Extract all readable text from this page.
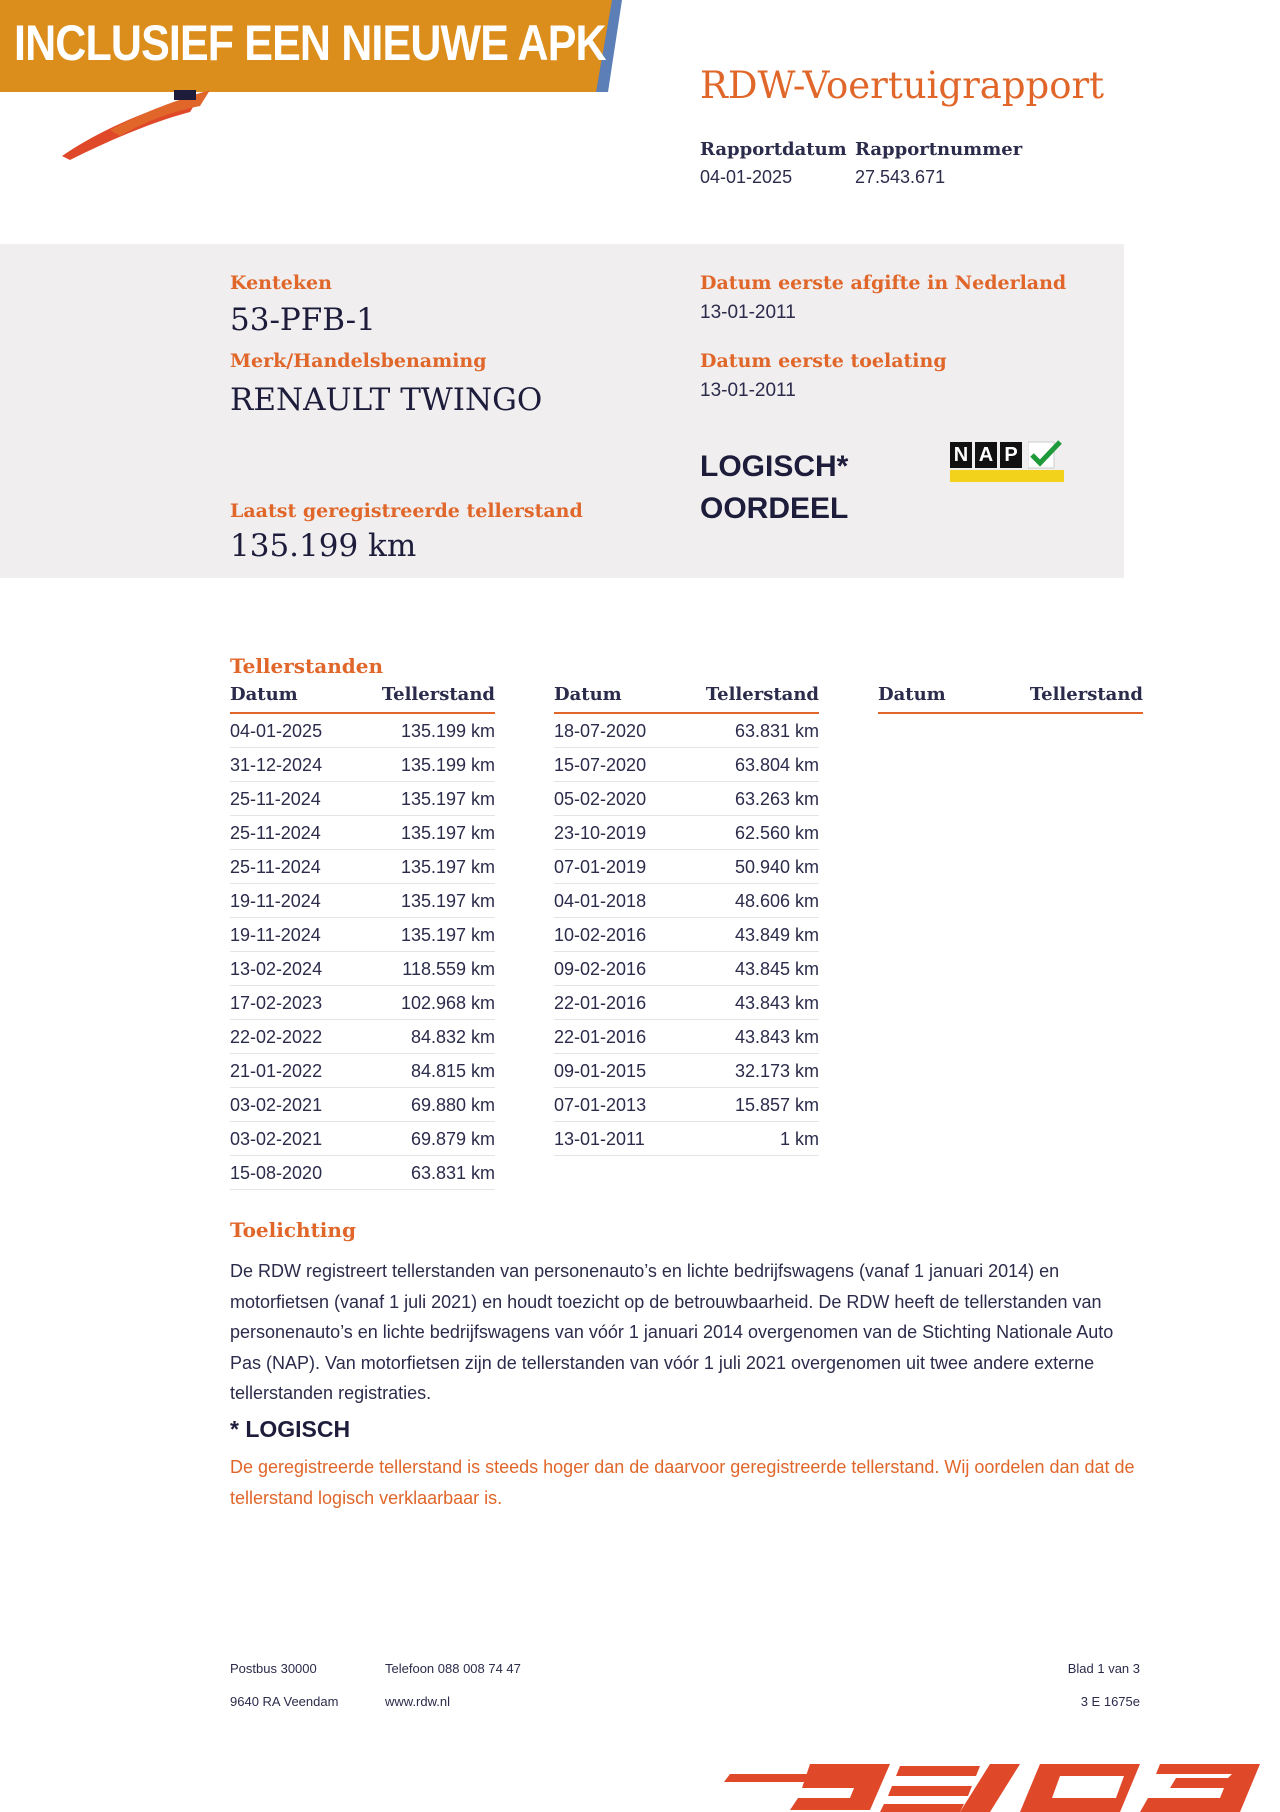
INCLUSIEF EEN NIEUWE APK
RDW-Voertuigrapport
Rapportdatum
04-01-2025
Rapportnummer
27.543.671
Kenteken
53-PFB-1
Merk/Handelsbenaming
RENAULT TWINGO
Laatst geregistreerde tellerstand
135.199 km
Datum eerste afgifte in Nederland
13-01-2011
Datum eerste toelating
13-01-2011
LOGISCH*
OORDEEL
N A P
Tellerstanden
Datum	Tellerstand
04-01-2025	135.199 km
31-12-2024	135.199 km
25-11-2024	135.197 km
25-11-2024	135.197 km
25-11-2024	135.197 km
19-11-2024	135.197 km
19-11-2024	135.197 km
13-02-2024	118.559 km
17-02-2023	102.968 km
22-02-2022	84.832 km
21-01-2022	84.815 km
03-02-2021	69.880 km
03-02-2021	69.879 km
15-08-2020	63.831 km
Datum	Tellerstand
18-07-2020	63.831 km
15-07-2020	63.804 km
05-02-2020	63.263 km
23-10-2019	62.560 km
07-01-2019	50.940 km
04-01-2018	48.606 km
10-02-2016	43.849 km
09-02-2016	43.845 km
22-01-2016	43.843 km
22-01-2016	43.843 km
09-01-2015	32.173 km
07-01-2013	15.857 km
13-01-2011	1 km
Datum	Tellerstand
Toelichting
De RDW registreert tellerstanden van personenauto’s en lichte bedrijfswagens (vanaf 1 januari 2014) en motorfietsen (vanaf 1 juli 2021) en houdt toezicht op de betrouwbaarheid. De RDW heeft de tellerstanden van personenauto’s en lichte bedrijfswagens van vóór 1 januari 2014 overgenomen van de Stichting Nationale Auto Pas (NAP). Van motorfietsen zijn de tellerstanden van vóór 1 juli 2021 overgenomen uit twee andere externe tellerstanden registraties.
* LOGISCH
De geregistreerde tellerstand is steeds hoger dan de daarvoor geregistreerde tellerstand. Wij oordelen dan dat de tellerstand logisch verklaarbaar is.
Postbus 30000
9640 RA Veendam
Telefoon 088 008 74 47
www.rdw.nl
Blad 1 van 3
3 E 1675e
